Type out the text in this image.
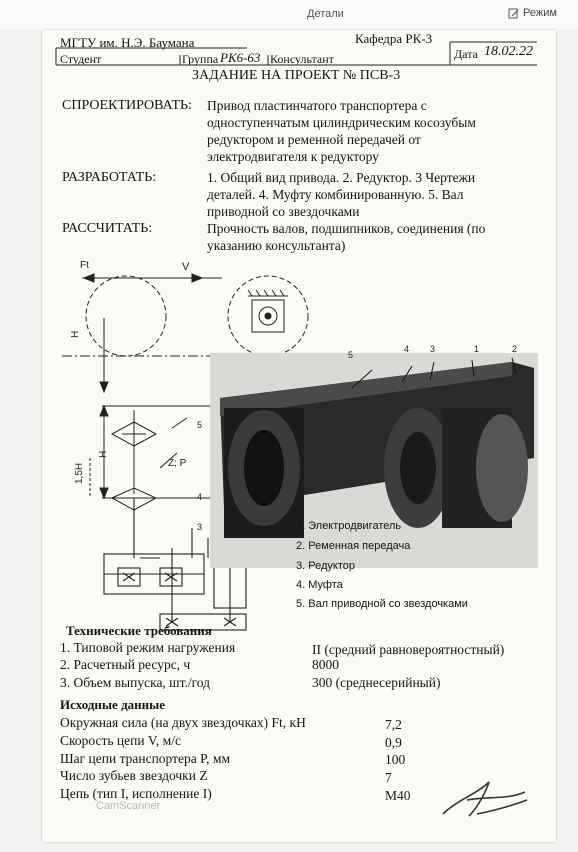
Детали	Режим
МГТУ им. Н.Э. Баумана	Кафедра РК-3
Студент	Группа РК6-63 Консультант	Дата 18.02.22
ЗАДАНИЕ НА ПРОЕКТ № ПСВ-3
СПРОЕКТИРОВАТЬ: Привод пластинчатого транспортера с
одноступенчатым цилиндрическим косозубым
редуктором и ременной передачей от
электродвигателя к редуктору
РАЗРАБОТАТЬ:	1. Общий вид привода. 2. Редуктор. 3 Чертежи
деталей. 4. Муфту комбинированную. 5. Вал
приводной со звездочками
РАССЧИТАТЬ:	Прочность валов, подшипников, соединения (по
указанию консультанта)
Ft	V
H
1,5H
H
Z; P
5
4
3
5
4 3	1	2
1. Электродвигатель
2. Ременная передача
3. Редуктор
4. Муфта
5. Вал приводной со звездочками
Технические требования
1. Типовой режим нагружения	II (средний равновероятностный)
2. Расчетный ресурс, ч	8000
3. Объем выпуска, шт./год	300 (среднесерийный)
Исходные данные
Окружная сила (на двух звездочках) Ft, кН	7,2
Скорость цепи V, м/с	0,9
Шаг цепи транспортера P, мм	100
Число зубьев звездочки Z	7
Цепь (тип I, исполнение I)	М40
CamScanner
